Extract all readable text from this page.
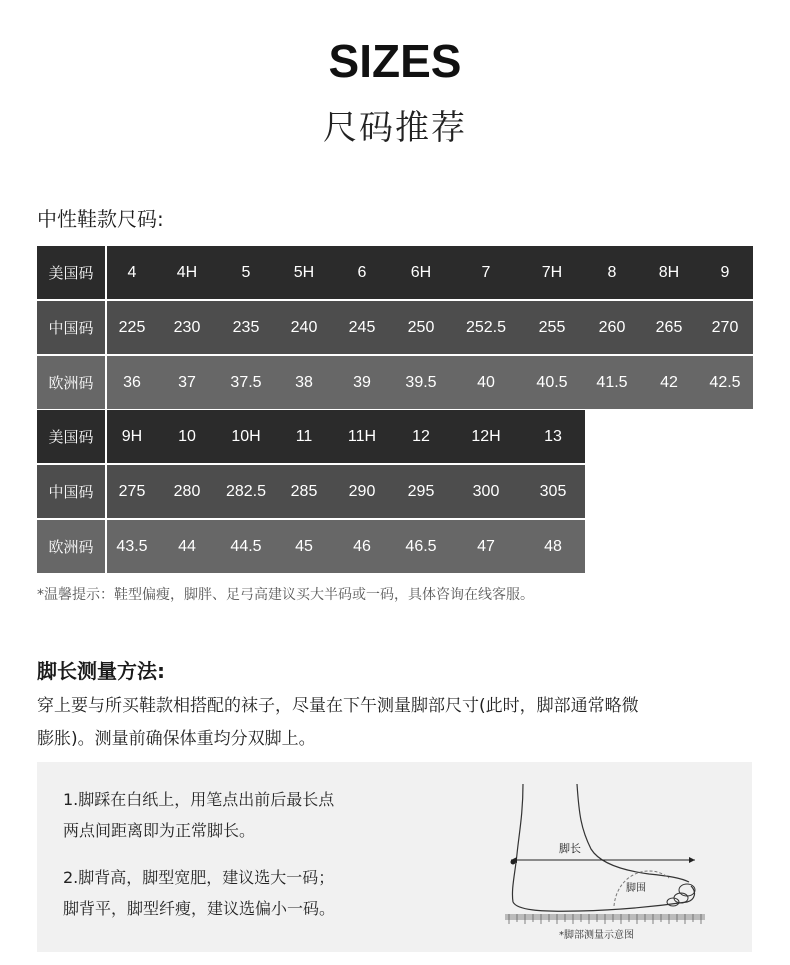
SIZES
尺码推荐
中性鞋款尺码:
美国码	4	4H	5	5H	6	6H	7	7H	8	8H	9
中国码	225	230	235	240	245	250	252.5	255	260	265	270
欧洲码	36	37	37.5	38	39	39.5	40	40.5	41.5	42	42.5
美国码	9H	10	10H	11	11H	12	12H	13
中国码	275	280	282.5	285	290	295	300	305
欧洲码	43.5	44	44.5	45	46	46.5	47	48
*温馨提示：鞋型偏瘦，脚胖、足弓高建议买大半码或一码，具体咨询在线客服。
脚长测量方法:
穿上要与所买鞋款相搭配的袜子，尽量在下午测量脚部尺寸(此时，脚部通常略微
膨胀)。测量前确保体重均分双脚上。
1.脚踩在白纸上，用笔点出前后最长点
两点间距离即为正常脚长。
2.脚背高，脚型宽肥，建议选大一码；
脚背平，脚型纤瘦，建议选偏小一码。
脚长
脚围
*脚部测量示意图
